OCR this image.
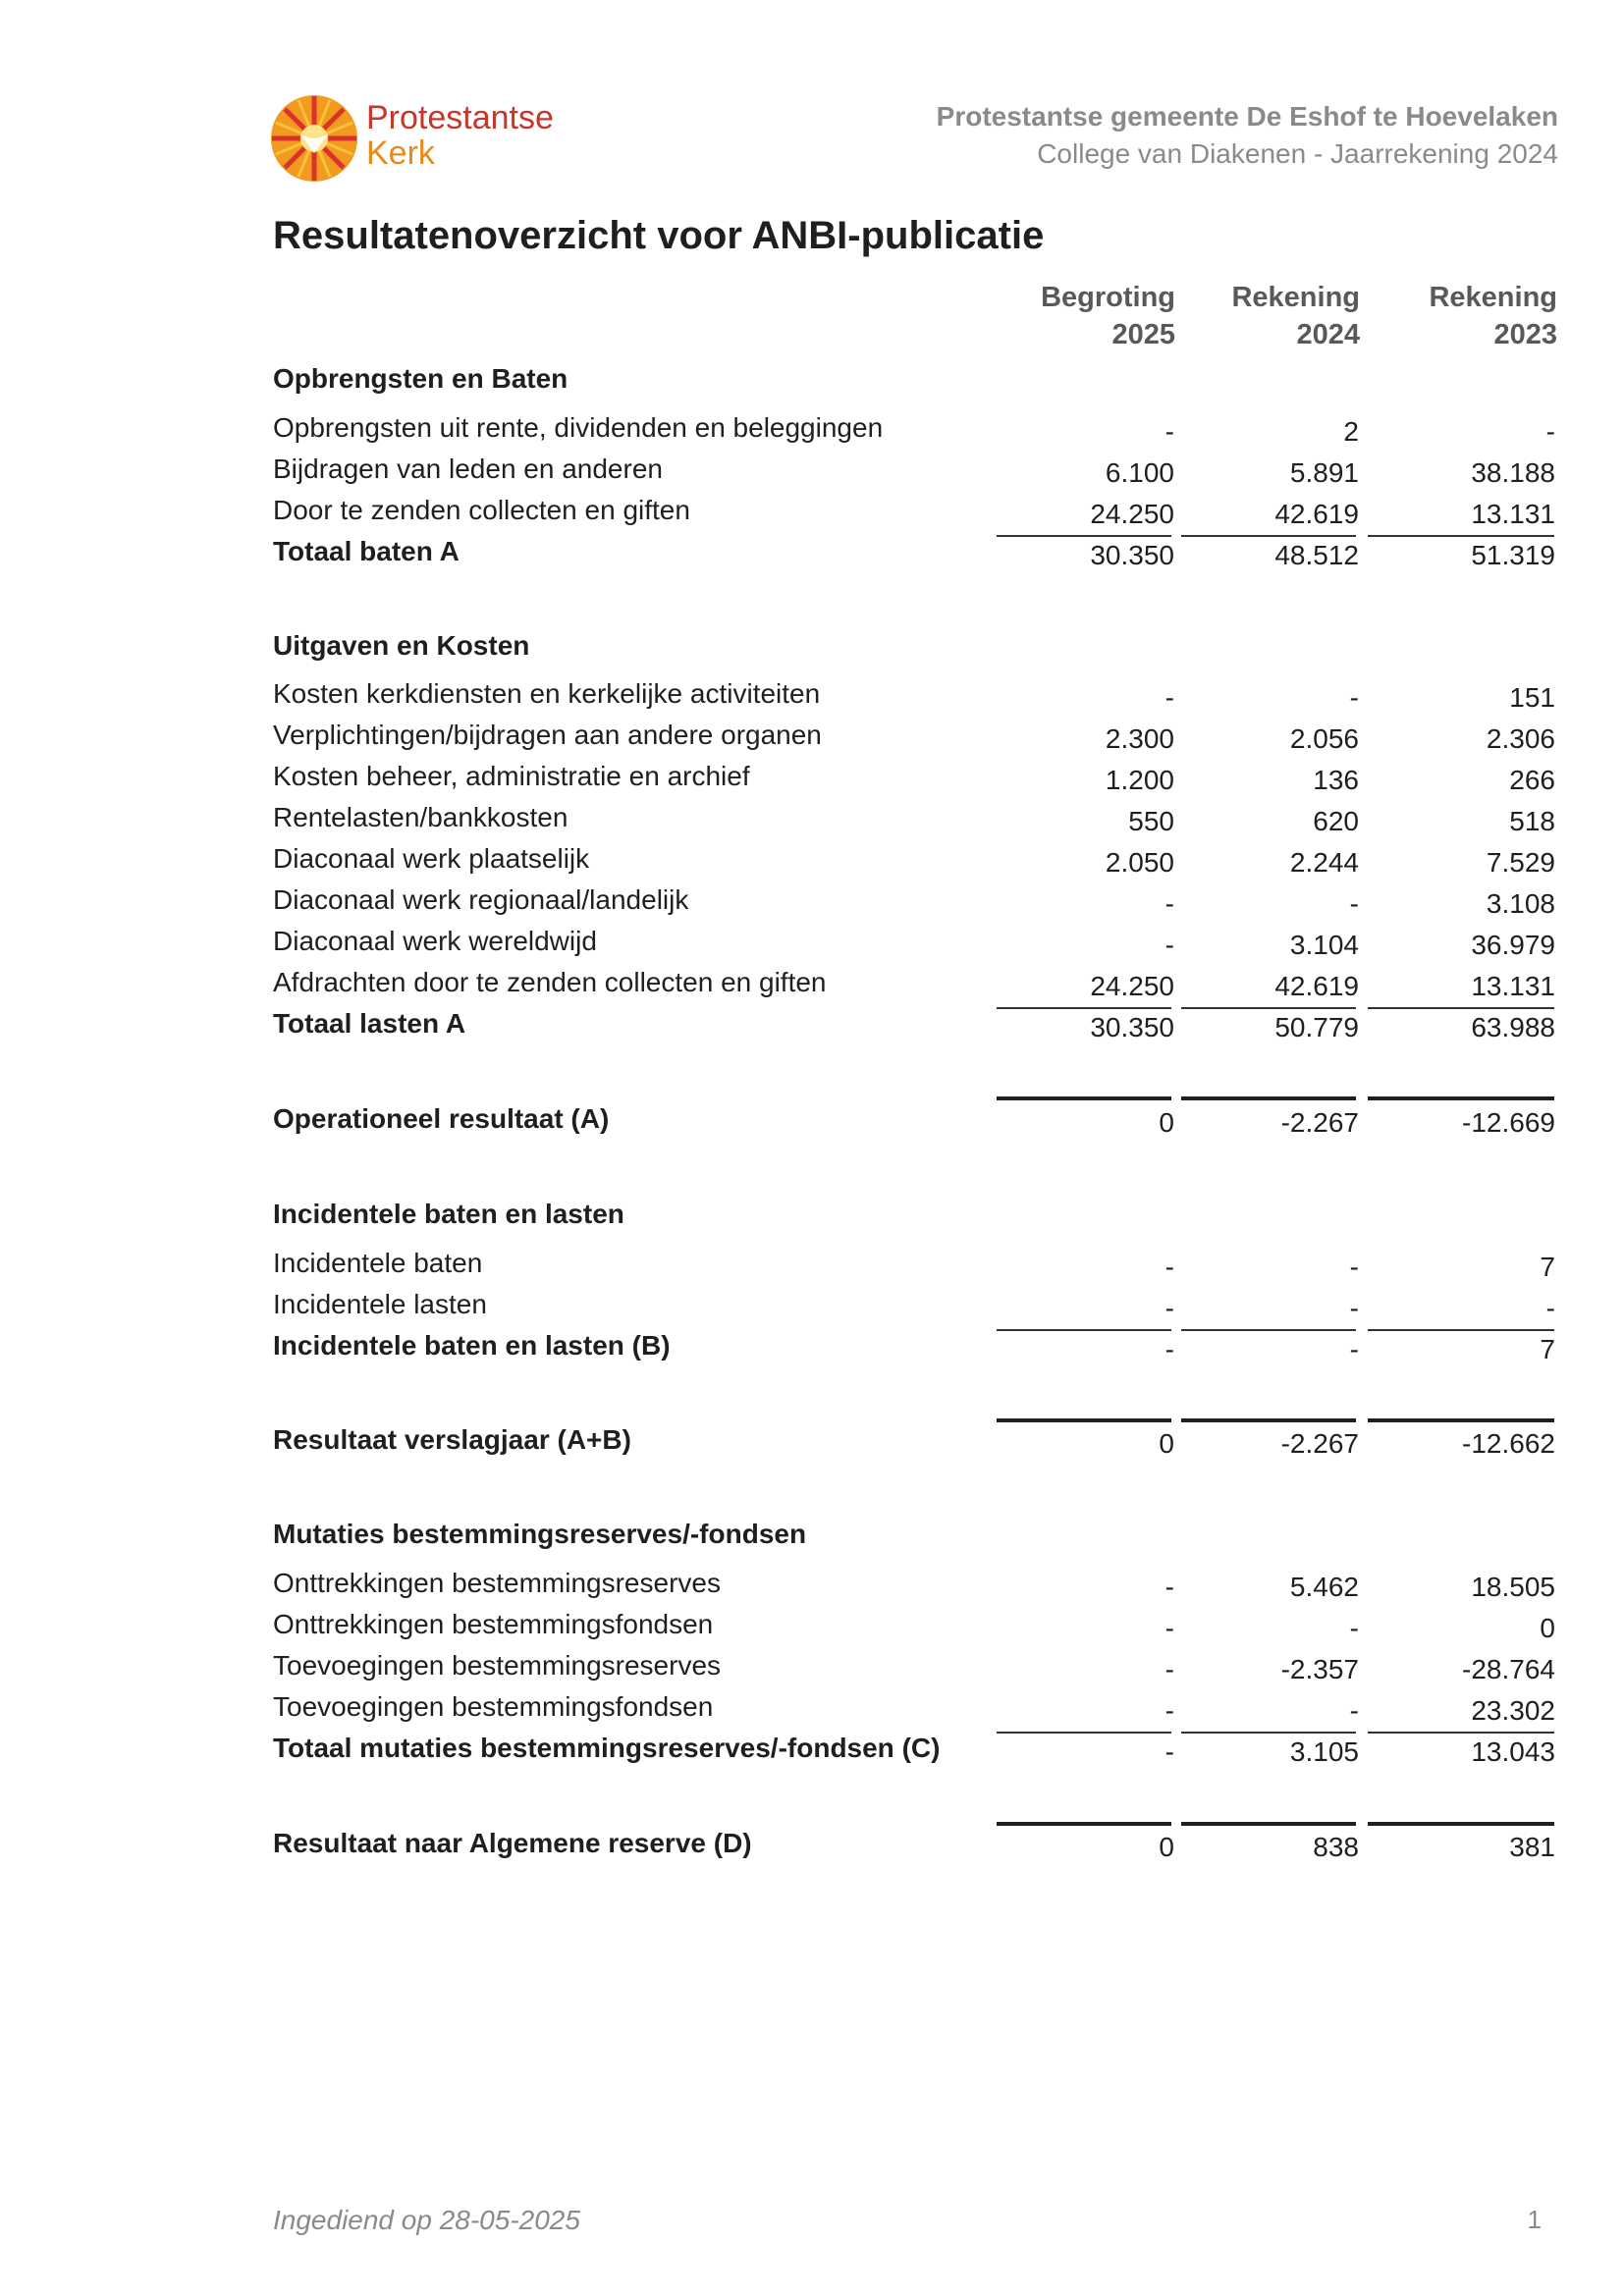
Protestantse
Kerk
Protestantse gemeente De Eshof te Hoevelaken
College van Diakenen - Jaarrekening 2024
Resultatenoverzicht voor ANBI-publicatie
Begroting
2025
Rekening
2024
Rekening
2023
Opbrengsten en Baten
Opbrengsten uit rente, dividenden en beleggingen	-	2	-
Bijdragen van leden en anderen	6.100	5.891	38.188
Door te zenden collecten en giften	24.250	42.619	13.131
Totaal baten A	30.350	48.512	51.319
Uitgaven en Kosten
Kosten kerkdiensten en kerkelijke activiteiten	-	-	151
Verplichtingen/bijdragen aan andere organen	2.300	2.056	2.306
Kosten beheer, administratie en archief	1.200	136	266
Rentelasten/bankkosten	550	620	518
Diaconaal werk plaatselijk	2.050	2.244	7.529
Diaconaal werk regionaal/landelijk	-	-	3.108
Diaconaal werk wereldwijd	-	3.104	36.979
Afdrachten door te zenden collecten en giften	24.250	42.619	13.131
Totaal lasten A	30.350	50.779	63.988
Operationeel resultaat (A)	0	-2.267	-12.669
Incidentele baten en lasten
Incidentele baten	-	-	7
Incidentele lasten	-	-	-
Incidentele baten en lasten (B)	-	-	7
Resultaat verslagjaar (A+B)	0	-2.267	-12.662
Mutaties bestemmingsreserves/-fondsen
Onttrekkingen bestemmingsreserves	-	5.462	18.505
Onttrekkingen bestemmingsfondsen	-	-	0
Toevoegingen bestemmingsreserves	-	-2.357	-28.764
Toevoegingen bestemmingsfondsen	-	-	23.302
Totaal mutaties bestemmingsreserves/-fondsen (C)	-	3.105	13.043
Resultaat naar Algemene reserve (D)	0	838	381
Ingediend op 28-05-2025	1
